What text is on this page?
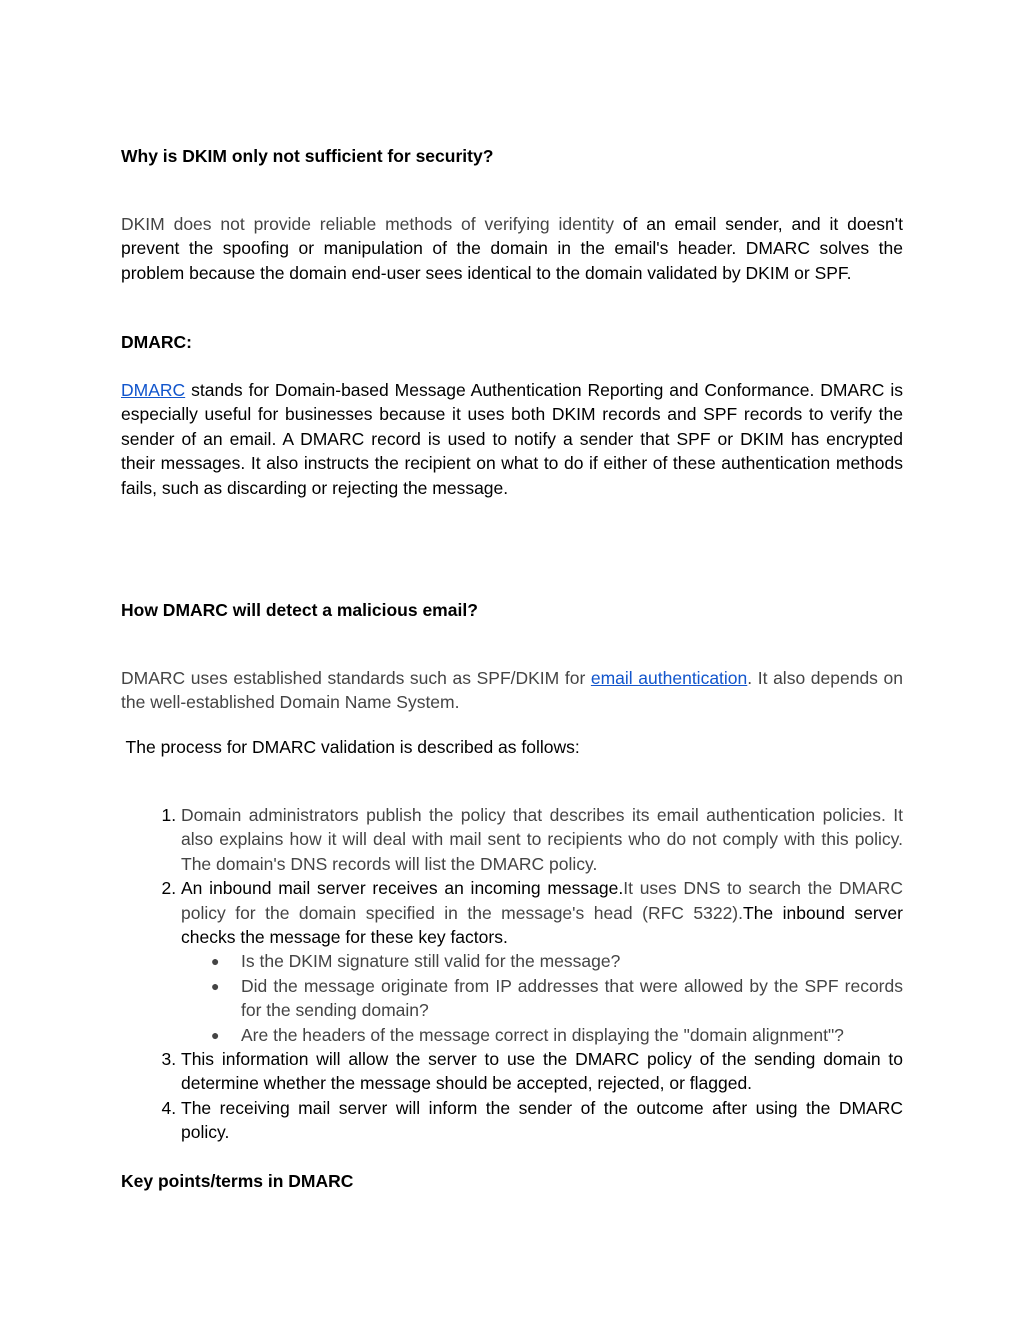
Why is DKIM only not sufficient for security?

DKIM does not provide reliable methods of verifying identity of an email sender, and it doesn't prevent the spoofing or manipulation of the domain in the email's header. DMARC solves the problem because the domain end-user sees identical to the domain validated by DKIM or SPF.

DMARC:

DMARC stands for Domain-based Message Authentication Reporting and Conformance. DMARC is especially useful for businesses because it uses both DKIM records and SPF records to verify the sender of an email. A DMARC record is used to notify a sender that SPF or DKIM has encrypted their messages. It also instructs the recipient on what to do if either of these authentication methods fails, such as discarding or rejecting the message.

How DMARC will detect a malicious email?

DMARC uses established standards such as SPF/DKIM for email authentication. It also depends on the well-established Domain Name System.

The process for DMARC validation is described as follows:

1. Domain administrators publish the policy that describes its email authentication policies. It also explains how it will deal with mail sent to recipients who do not comply with this policy. The domain's DNS records will list the DMARC policy.
2. An inbound mail server receives an incoming message.It uses DNS to search the DMARC policy for the domain specified in the message's head (RFC 5322).The inbound server checks the message for these key factors.
● Is the DKIM signature still valid for the message?
● Did the message originate from IP addresses that were allowed by the SPF records for the sending domain?
● Are the headers of the message correct in displaying the "domain alignment"?
3. This information will allow the server to use the DMARC policy of the sending domain to determine whether the message should be accepted, rejected, or flagged.
4. The receiving mail server will inform the sender of the outcome after using the DMARC policy.
Key points/terms in DMARC
